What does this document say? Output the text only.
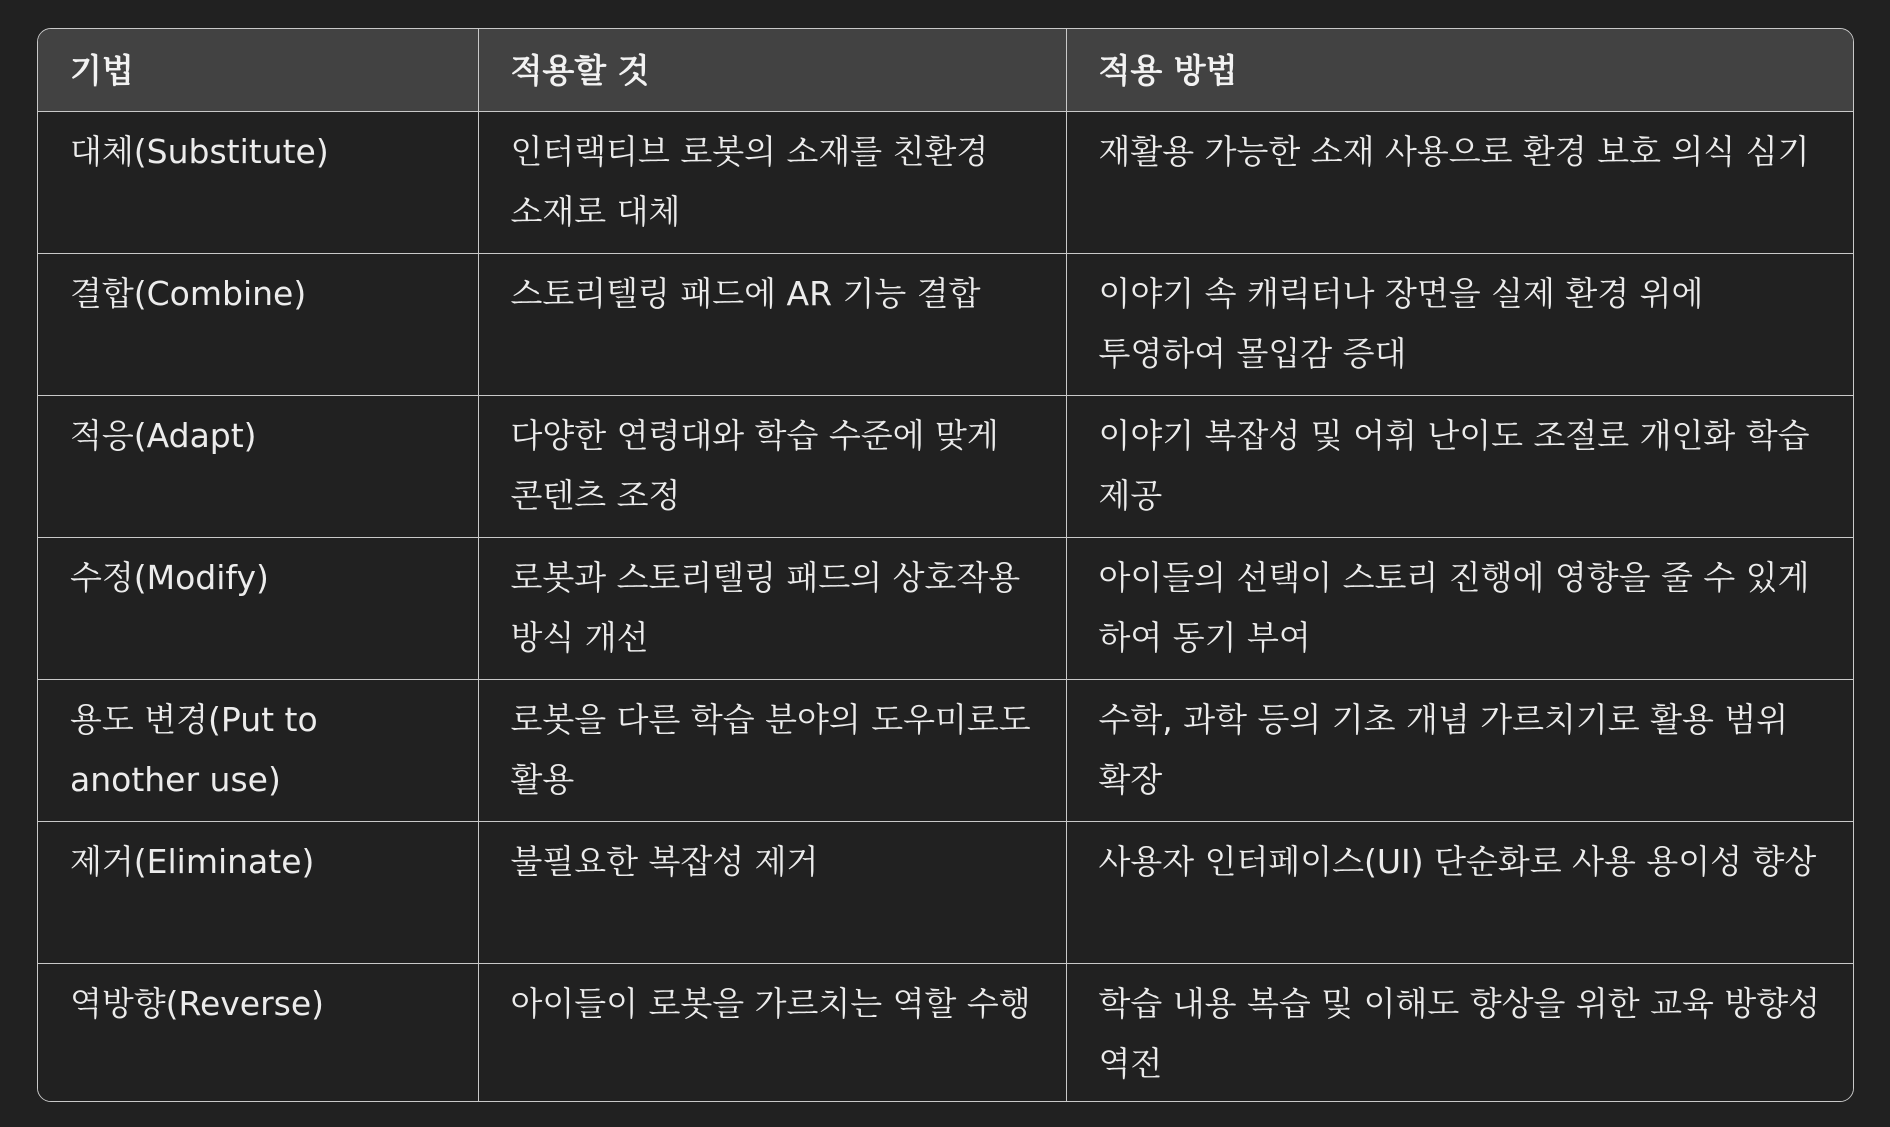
기법	적용할 것	적용 방법
대체(Substitute)	인터랙티브 로봇의 소재를 친환경 소재로 대체	재활용 가능한 소재 사용으로 환경 보호 의식 심기
결합(Combine)	스토리텔링 패드에 AR 기능 결합	이야기 속 캐릭터나 장면을 실제 환경 위에 투영하여 몰입감 증대
적응(Adapt)	다양한 연령대와 학습 수준에 맞게 콘텐츠 조정	이야기 복잡성 및 어휘 난이도 조절로 개인화 학습 제공
수정(Modify)	로봇과 스토리텔링 패드의 상호작용 방식 개선	아이들의 선택이 스토리 진행에 영향을 줄 수 있게 하여 동기 부여
용도 변경(Put to another use)	로봇을 다른 학습 분야의 도우미로도 활용	수학, 과학 등의 기초 개념 가르치기로 활용 범위 확장
제거(Eliminate)	불필요한 복잡성 제거	사용자 인터페이스(UI) 단순화로 사용 용이성 향상
역방향(Reverse)	아이들이 로봇을 가르치는 역할 수행	학습 내용 복습 및 이해도 향상을 위한 교육 방향성 역전
